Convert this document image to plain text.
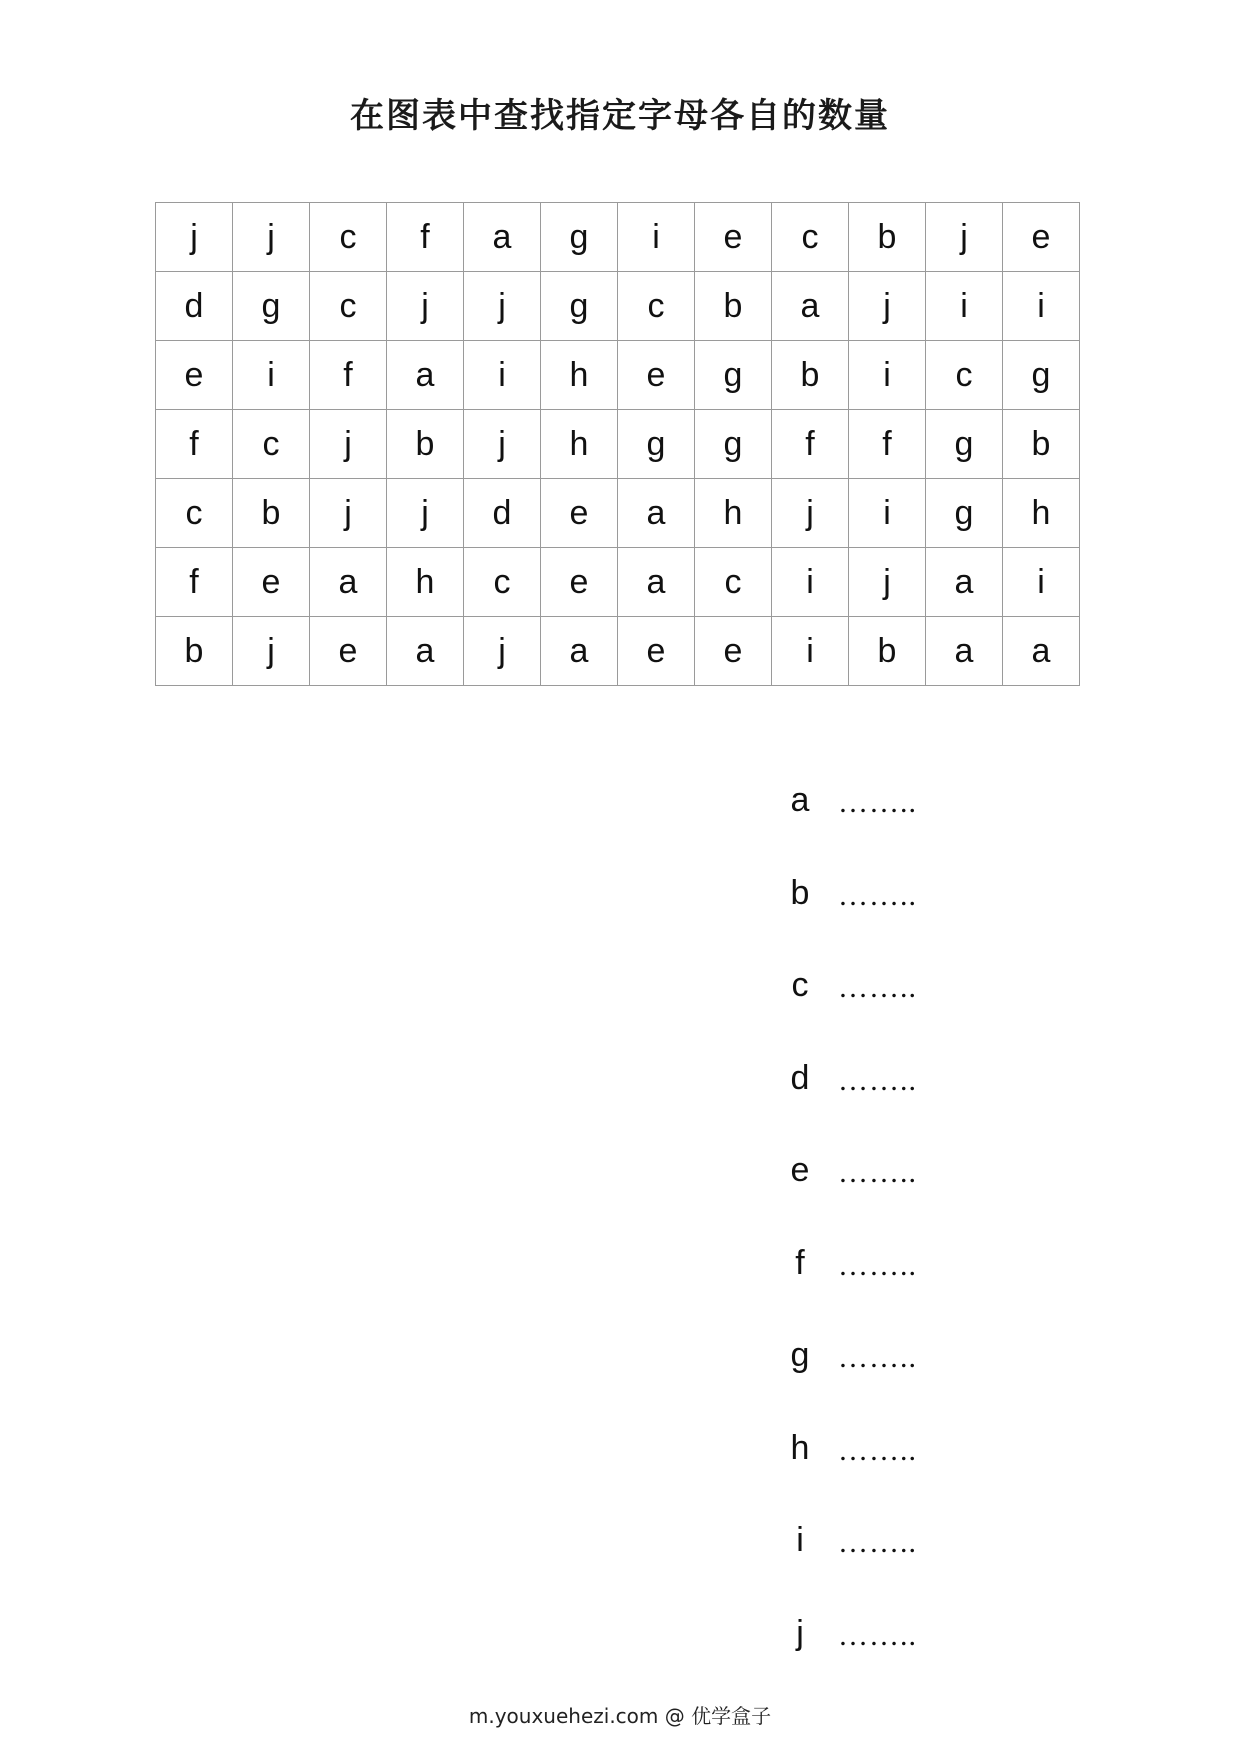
在图表中查找指定字母各自的数量
j	j	c	f	a	g	i	e	c	b	j	e
d	g	c	j	j	g	c	b	a	j	i	i
e	i	f	a	i	h	e	g	b	i	c	g
f	c	j	b	j	h	g	g	f	f	g	b
c	b	j	j	d	e	a	h	j	i	g	h
f	e	a	h	c	e	a	c	i	j	a	i
b	j	e	a	j	a	e	e	i	b	a	a
a ……..
b ……..
c ……..
d ……..
e ……..
f	……..
g ……..
h ……..
i	……..
j	……..
m.youxuehezi.com @ 优学盒子
